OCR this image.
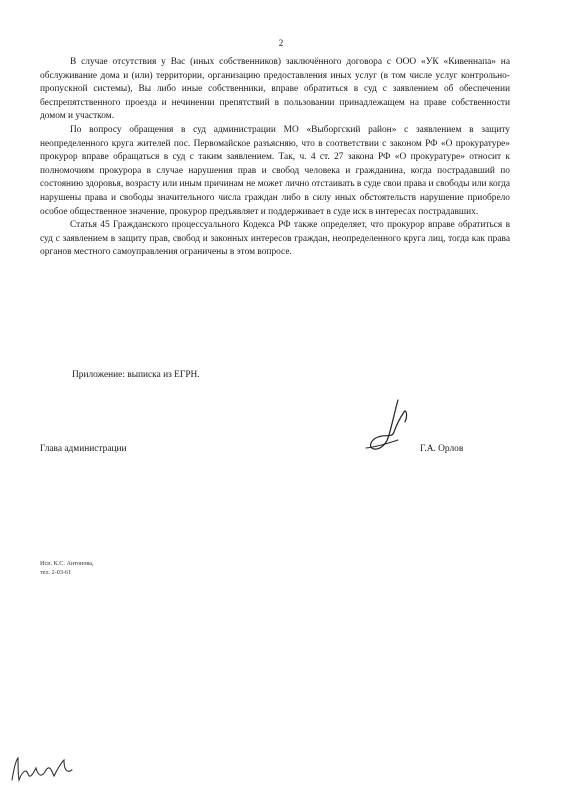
2

В случае отсутствия у Вас (иных собственников) заключённого договора с ООО «УК «Кивеннапа» на обслуживание дома и (или) территории, организацию предоставления иных услуг (в том числе услуг контрольно-пропускной системы), Вы либо иные собственники, вправе обратиться в суд с заявлением об обеспечении беспрепятственного проезда и нечинении препятствий в пользовании принадлежащем на праве собственности домом и участком.

По вопросу обращения в суд администрации МО «Выборгский район» с заявлением в защиту неопределенного круга жителей пос. Первомайское разъясняю, что в соответствии с законом РФ «О прокуратуре» прокурор вправе обращаться в суд с таким заявлением. Так, ч. 4 ст. 27 закона РФ «О прокуратуре» относит к полномочиям прокурора в случае нарушения прав и свобод человека и гражданина, когда пострадавший по состоянию здоровья, возрасту или иным причинам не может лично отстаивать в суде свои права и свободы или когда нарушены права и свободы значительного числа граждан либо в силу иных обстоятельств нарушение приобрело особое общественное значение, прокурор предъявляет и поддерживает в суде иск в интересах пострадавших.

Статья 45 Гражданского процессуального Кодекса РФ также определяет, что прокурор вправе обратиться в суд с заявлением в защиту прав, свобод и законных интересов граждан, неопределенного круга лиц, тогда как права органов местного самоуправления ограничены в этом вопросе.

Приложение: выписка из ЕГРН.
Глава администрации	Г.А. Орлов
Исп. К.С. Антонова,
тел. 2-03-61
